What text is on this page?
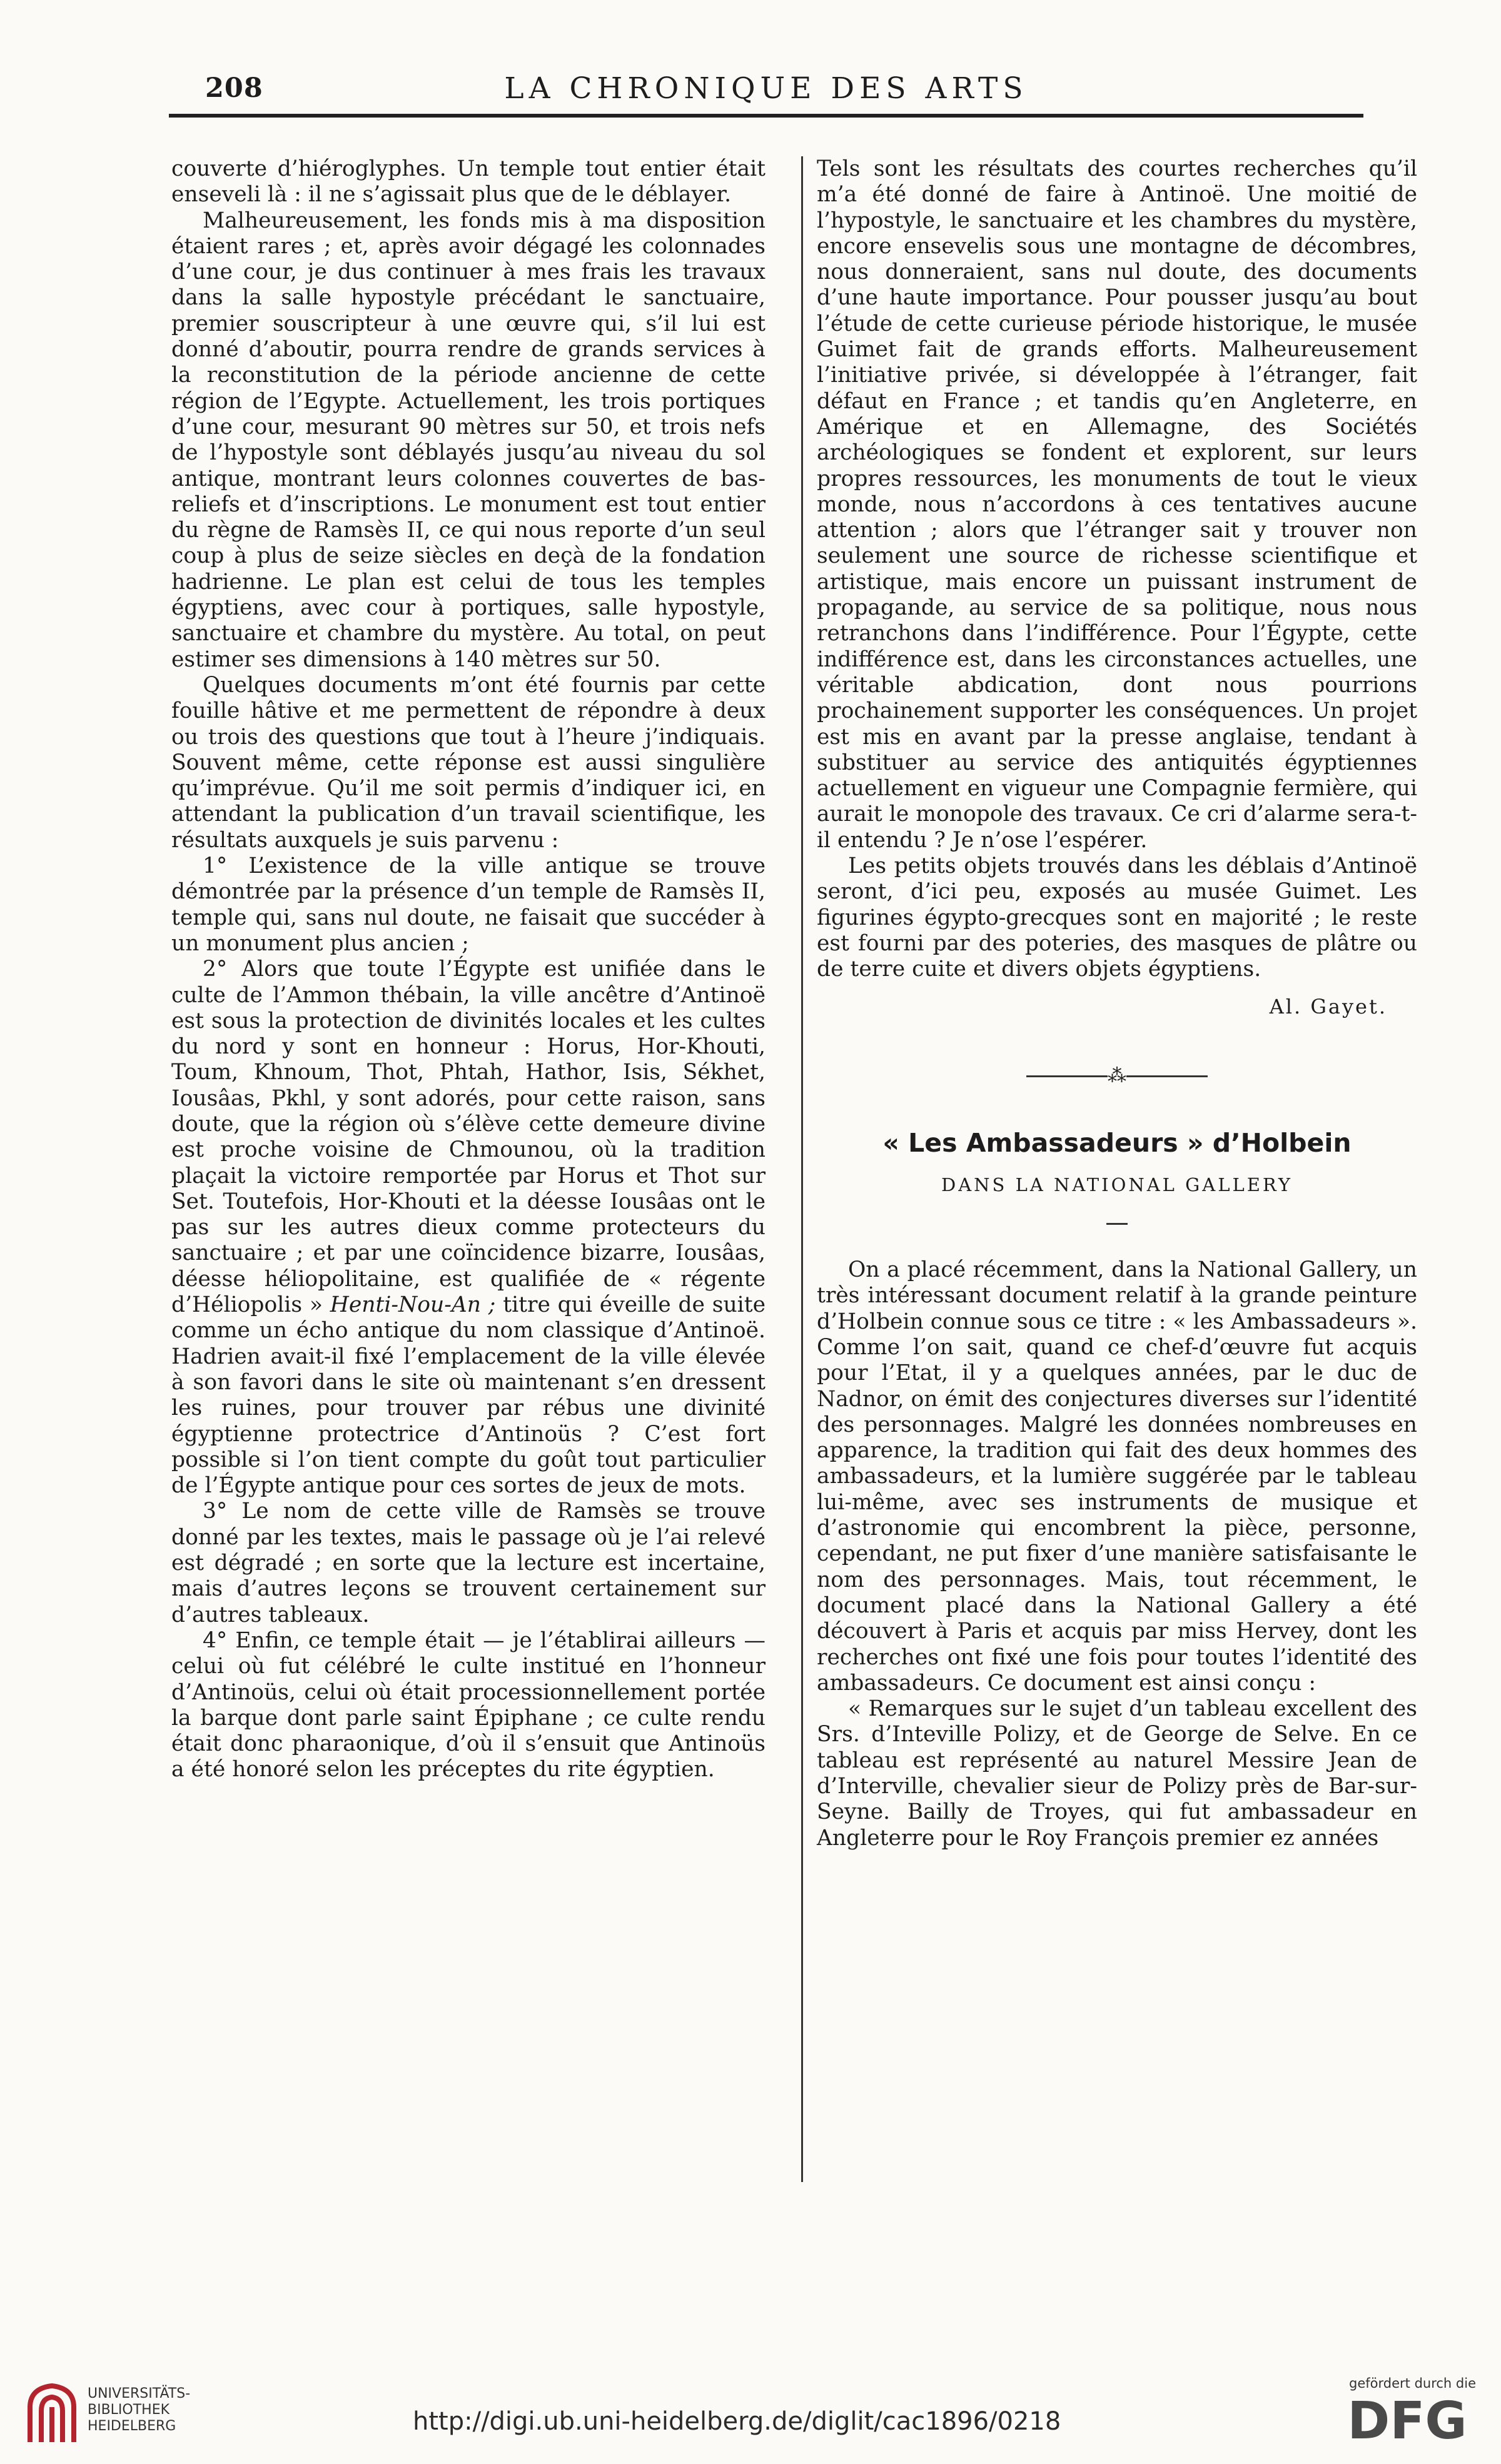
208	LA CHRONIQUE DES ARTS

couverte d’hiéroglyphes. Un temple tout entier était enseveli là : il ne s’agissait plus que de le déblayer.

Malheureusement, les fonds mis à ma disposition étaient rares ; et, après avoir dégagé les colonnades d’une cour, je dus continuer à mes frais les travaux dans la salle hypostyle précédant le sanctuaire, premier souscripteur à une œuvre qui, s’il lui est donné d’aboutir, pourra rendre de grands services à la reconstitution de la période ancienne de cette région de l’Egypte. Actuellement, les trois portiques d’une cour, mesurant 90 mètres sur 50, et trois nefs de l’hypostyle sont déblayés jusqu’au niveau du sol antique, montrant leurs colonnes couvertes de bas-reliefs et d’inscriptions. Le monument est tout entier du règne de Ramsès II, ce qui nous reporte d’un seul coup à plus de seize siècles en deçà de la fondation hadrienne. Le plan est celui de tous les temples égyptiens, avec cour à portiques, salle hypostyle, sanctuaire et chambre du mystère. Au total, on peut estimer ses dimensions à 140 mètres sur 50.

Quelques documents m’ont été fournis par cette fouille hâtive et me permettent de répondre à deux ou trois des questions que tout à l’heure j’indiquais. Souvent même, cette réponse est aussi singulière qu’imprévue. Qu’il me soit permis d’indiquer ici, en attendant la publication d’un travail scientifique, les résultats auxquels je suis parvenu :

1° L’existence de la ville antique se trouve démontrée par la présence d’un temple de Ramsès II, temple qui, sans nul doute, ne faisait que succéder à un monument plus ancien ;

2° Alors que toute l’Égypte est unifiée dans le culte de l’Ammon thébain, la ville ancêtre d’Antinoë est sous la protection de divinités locales et les cultes du nord y sont en honneur : Horus, Hor-Khouti, Toum, Khnoum, Thot, Phtah, Hathor, Isis, Sékhet, Iousâas, Pkhl, y sont adorés, pour cette raison, sans doute, que la région où s’élève cette demeure divine est proche voisine de Chmounou, où la tradition plaçait la victoire remportée par Horus et Thot sur Set. Toutefois, Hor-Khouti et la déesse Iousâas ont le pas sur les autres dieux comme protecteurs du sanctuaire ; et par une coïncidence bizarre, Iousâas, déesse héliopolitaine, est qualifiée de « régente d’Héliopolis » Henti-Nou-An ; titre qui éveille de suite comme un écho antique du nom classique d’Antinoë. Hadrien avait-il fixé l’emplacement de la ville élevée à son favori dans le site où maintenant s’en dressent les ruines, pour trouver par rébus une divinité égyptienne protectrice d’Antinoüs ? C’est fort possible si l’on tient compte du goût tout particulier de l’Égypte antique pour ces sortes de jeux de mots.

3° Le nom de cette ville de Ramsès se trouve donné par les textes, mais le passage où je l’ai relevé est dégradé ; en sorte que la lecture est incertaine, mais d’autres leçons se trouvent certainement sur d’autres tableaux.

4° Enfin, ce temple était — je l’établirai ailleurs — celui où fut célébré le culte institué en l’honneur d’Antinoüs, celui où était processionnellement portée la barque dont parle saint Épiphane ; ce culte rendu était donc pharaonique, d’où il s’ensuit que Antinoüs a été honoré selon les préceptes du rite égyptien.

Tels sont les résultats des courtes recherches qu’il m’a été donné de faire à Antinoë. Une moitié de l’hypostyle, le sanctuaire et les chambres du mystère, encore ensevelis sous une montagne de décombres, nous donneraient, sans nul doute, des documents d’une haute importance. Pour pousser jusqu’au bout l’étude de cette curieuse période historique, le musée Guimet fait de grands efforts. Malheureusement l’initiative privée, si développée à l’étranger, fait défaut en France ; et tandis qu’en Angleterre, en Amérique et en Allemagne, des Sociétés archéologiques se fondent et explorent, sur leurs propres ressources, les monuments de tout le vieux monde, nous n’accordons à ces tentatives aucune attention ; alors que l’étranger sait y trouver non seulement une source de richesse scientifique et artistique, mais encore un puissant instrument de propagande, au service de sa politique, nous nous retranchons dans l’indifférence. Pour l’Égypte, cette indifférence est, dans les circonstances actuelles, une véritable abdication, dont nous pourrions prochainement supporter les conséquences. Un projet est mis en avant par la presse anglaise, tendant à substituer au service des antiquités égyptiennes actuellement en vigueur une Compagnie fermière, qui aurait le monopole des travaux. Ce cri d’alarme sera-t-il entendu ? Je n’ose l’espérer.

Les petits objets trouvés dans les déblais d’Antinoë seront, d’ici peu, exposés au musée Guimet. Les figurines égypto-grecques sont en majorité ; le reste est fourni par des poteries, des masques de plâtre ou de terre cuite et divers objets égyptiens.

Al. Gayet.
⁂
« Les Ambassadeurs » d’Holbein
DANS LA NATIONAL GALLERY

On a placé récemment, dans la National Gallery, un très intéressant document relatif à la grande peinture d’Holbein connue sous ce titre : « les Ambassadeurs ». Comme l’on sait, quand ce chef-d’œuvre fut acquis pour l’Etat, il y a quelques années, par le duc de Nadnor, on émit des conjectures diverses sur l’identité des personnages. Malgré les données nombreuses en apparence, la tradition qui fait des deux hommes des ambassadeurs, et la lumière suggérée par le tableau lui-même, avec ses instruments de musique et d’astronomie qui encombrent la pièce, personne, cependant, ne put fixer d’une manière satisfaisante le nom des personnages. Mais, tout récemment, le document placé dans la National Gallery a été découvert à Paris et acquis par miss Hervey, dont les recherches ont fixé une fois pour toutes l’identité des ambassadeurs. Ce document est ainsi conçu :

« Remarques sur le sujet d’un tableau excellent des Srs. d’Inteville Polizy, et de George de Selve. En ce tableau est représenté au naturel Messire Jean de d’Interville, chevalier sieur de Polizy près de Bar-sur-Seyne. Bailly de Troyes, qui fut ambassadeur en Angleterre pour le Roy François premier ez années

UNIVERSITÄTS-
BIBLIOTHEK
HEIDELBERG	http://digi.ub.uni-heidelberg.de/diglit/cac1896/0218
gefördert durch die
DFG
